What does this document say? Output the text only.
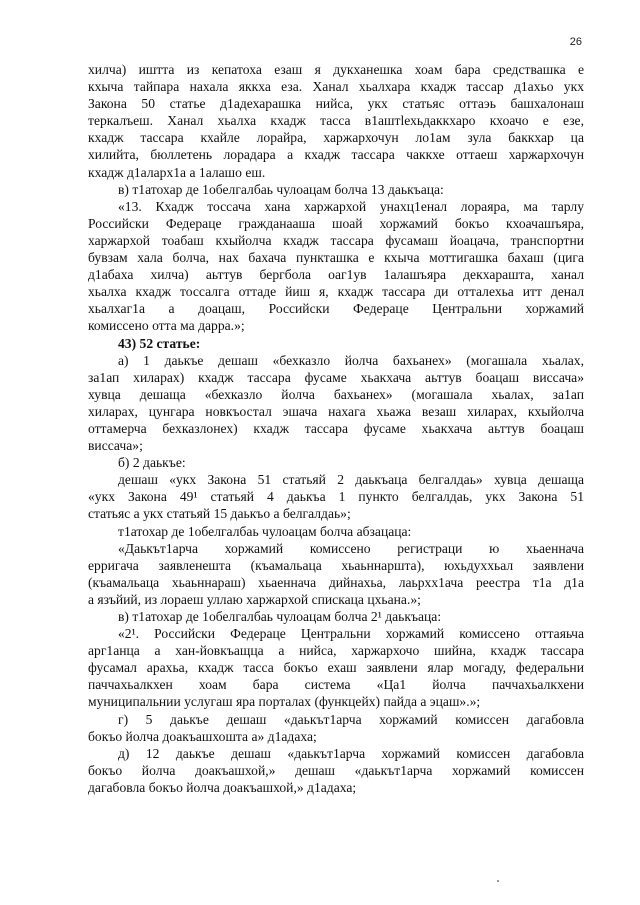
26

хилча) иштта из кепатоха езаш я дукханешка хоам бара средствашка е

кхыча тайпара нахала яккха еза. Ханал хьалхара кхадж тассар д1ахьо укх

Закона 50 статье д1адехарашка нийса, укх статьяс оттаэь башхалонаш

теркалъеш. Ханал хьалха кхадж тасса в1аштlехьдаккхаро кхоачо е езе,

кхадж тассара кхайле лорайра, харжархочун ло1ам зула баккхар ца

хилийта, бюллетень лорадара а кхадж тассара чаккхе оттаеш харжархочун

кхадж д1аларх1а а 1алашо еш.

в) т1атохар де 1обелгалбаь чулоацам болча 13 даькъаца:

«13. Кхадж тоссача хана харжархой унахц1енал лораяра, ма тарлу

Российски Федераце гражданааша шоай хоржамий бокъо кхоачашъяра,

харжархой тоабаш кхыйолча кхадж тассара фусамаш йоацача, транспортни

бувзам хала болча, нах бахача пункташка е кхыча моттигашка бахаш (цига

д1абаха хилча) аьттув бергбола оаг1ув 1алашъяра декхараштa, ханал

хьалха кхадж тоссалга оттаде йиш я, кхадж тассара ди отталехьа итт денал

хьалхаг1а а доацаш, Российски Федераце Центральни хоржамий

комиссено отта ма дарра.»;

43) 52 статье:

а) 1 даькъе дешаш «бехказло йолча бахьанех» (могашала хьалах,

за1ап хиларах) кхадж тассара фусаме хьакхача аьттув боацаш виссача»

хувца дешаща «бехказло йолча бахьанех» (могашала хьалах, за1ап

хиларах, цунгара новкъостал эшача нахага хьажа везаш хиларах, кхыйолча

оттамерча бехказлонех) кхадж тассара фусаме хьакхача аьттув боацаш

виссача»;

б) 2 даькъе:

дешаш «укх Закона 51 статьяй 2 даькъаца белгалдаь» хувца дешаща

«укх Закона 49¹ статьяй 4 даькъа 1 пункто белгалдаь, укх Закона 51

статьяс а укх статьяй 15 даькъо а белгалдаь»;

т1атохар де 1обелгалбаь чулоацам болча абзацаца:

«Даькът1арча хоржамий комиссено регистраци ю хьаенначa

ерригача заявленешта (къамальаца хьаьннаршта), юхьдуххьал заявлени

(къамальаца хьаьннараш) хьаеннача дийнахьа, лаьрхх1ача реестра т1а д1а

а язъйий, из лораеш уллаю харжархой спискаца цхьана.»;

в) т1атохар де 1обелгалбаь чулоацам болча 2¹ даькъаца:

«2¹. Российски Федераце Центральни хоржамий комиссено оттаяьча

арг1анца а хан-йовкъащца а нийса, харжархочо шийна, кхадж тассара

фусамал арахьа, кхадж тасса бокъо ехаш заявлени ялар могаду, федеральни

паччахьалкхен хоам бара система «Ца1 йолча паччахьалкхени

муниципальнии услугаш яра порталах (функцейх) пайда а эцаш».»;

г) 5 даькъе дешаш «даькът1арча хоржамий комиссен дагабовла

бокъо йолча доакъашхошта а» д1адаха;

д) 12 даькъе дешаш «даькът1арча хоржамий комиссен дагабовла

бокъо йолча доакъашхой,» дешаш «даькът1арча хоржамий комиссен

дагабовла бокъо йолча доакъашхой,» д1адаха;
